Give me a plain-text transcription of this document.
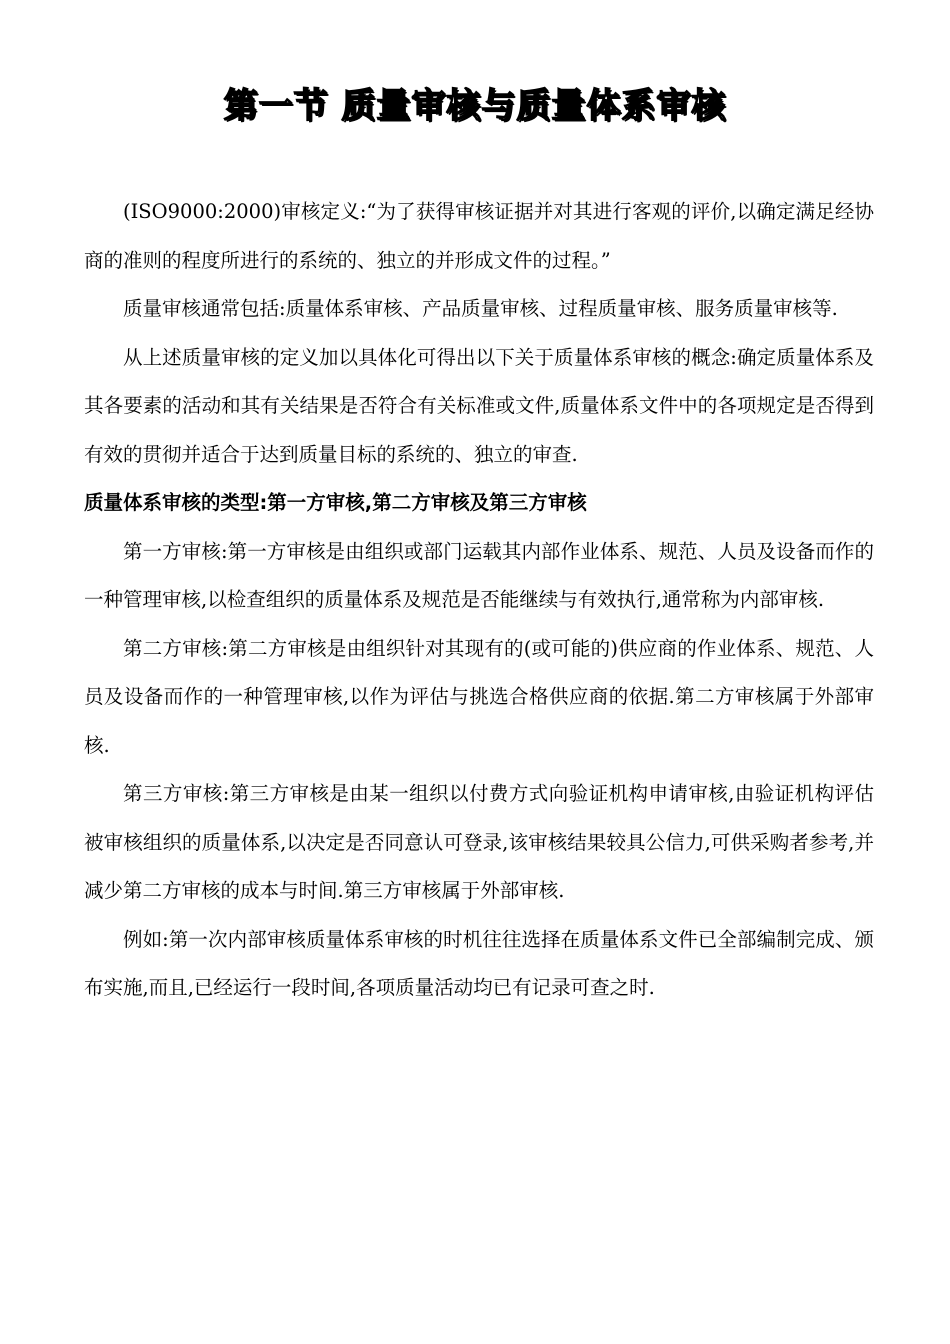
第一节 质量审核与质量体系审核

(ISO9000:2000)审核定义:“为了获得审核证据并对其进行客观的评价,以确定满足经协商的准则的程度所进行的系统的、独立的并形成文件的过程。”

质量审核通常包括:质量体系审核、产品质量审核、过程质量审核、服务质量审核等.

从上述质量审核的定义加以具体化可得出以下关于质量体系审核的概念:确定质量体系及其各要素的活动和其有关结果是否符合有关标准或文件,质量体系文件中的各项规定是否得到有效的贯彻并适合于达到质量目标的系统的、独立的审查.

质量体系审核的类型:第一方审核,第二方审核及第三方审核

第一方审核:第一方审核是由组织或部门运载其内部作业体系、规范、人员及设备而作的一种管理审核,以检查组织的质量体系及规范是否能继续与有效执行,通常称为内部审核.

第二方审核:第二方审核是由组织针对其现有的(或可能的)供应商的作业体系、规范、人员及设备而作的一种管理审核,以作为评估与挑选合格供应商的依据.第二方审核属于外部审核.

第三方审核:第三方审核是由某一组织以付费方式向验证机构申请审核,由验证机构评估被审核组织的质量体系,以决定是否同意认可登录,该审核结果较具公信力,可供采购者参考,并减少第二方审核的成本与时间.第三方审核属于外部审核.

例如:第一次内部审核质量体系审核的时机往往选择在质量体系文件已全部编制完成、颁布实施,而且,已经运行一段时间,各项质量活动均已有记录可查之时.
